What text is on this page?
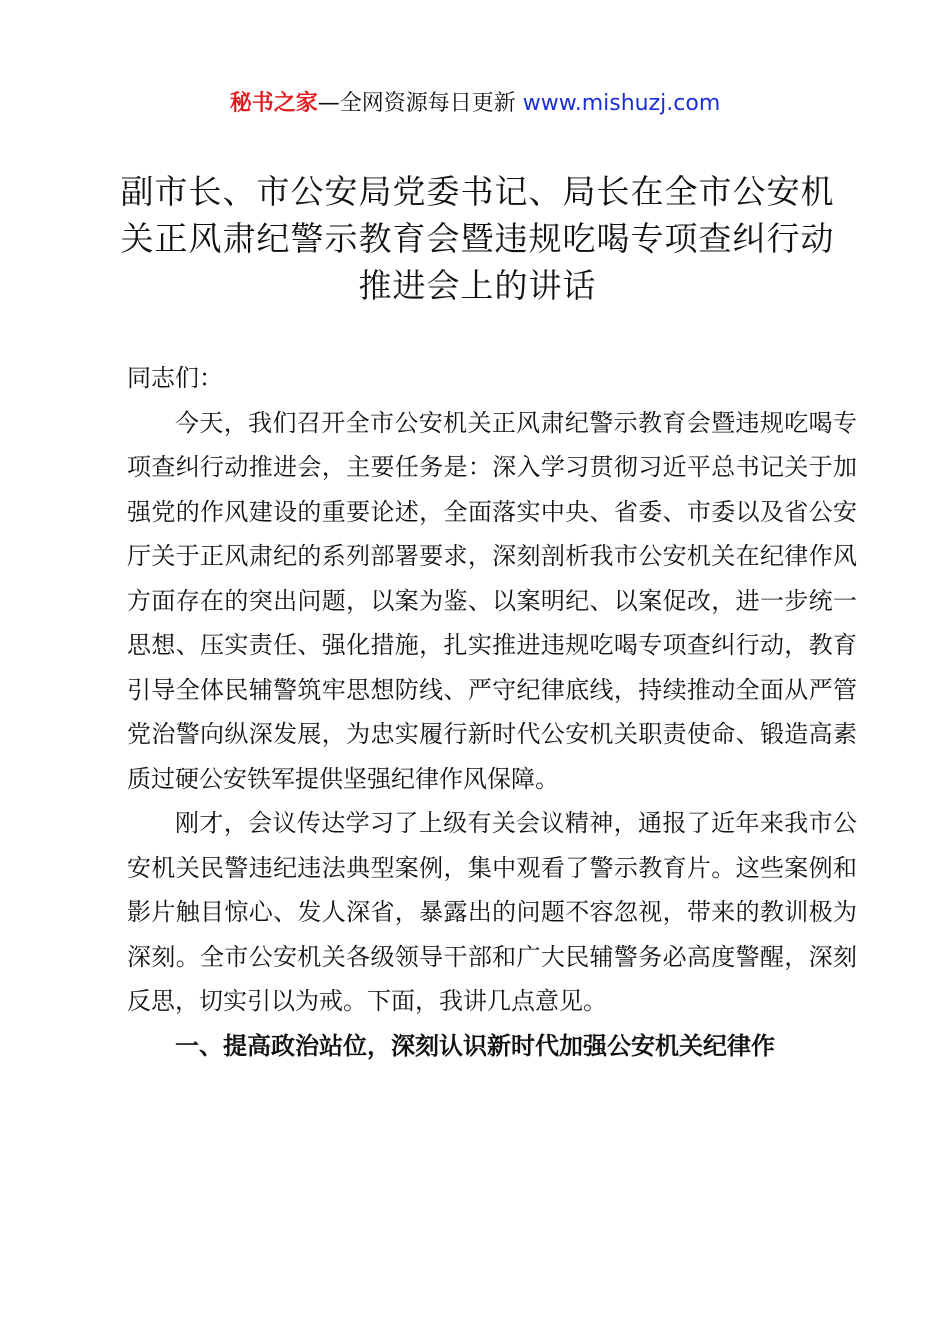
秘书之家—全网资源每日更新 www.mishuzj.com
副市长、市公安局党委书记、局长在全市公安机关正风肃纪警示教育会暨违规吃喝专项查纠行动推进会上的讲话

同志们：

今天，我们召开全市公安机关正风肃纪警示教育会暨违规吃喝专项查纠行动推进会，主要任务是：深入学习贯彻习近平总书记关于加强党的作风建设的重要论述，全面落实中央、省委、市委以及省公安厅关于正风肃纪的系列部署要求，深刻剖析我市公安机关在纪律作风方面存在的突出问题，以案为鉴、以案明纪、以案促改，进一步统一思想、压实责任、强化措施，扎实推进违规吃喝专项查纠行动，教育引导全体民辅警筑牢思想防线、严守纪律底线，持续推动全面从严管党治警向纵深发展，为忠实履行新时代公安机关职责使命、锻造高素质过硬公安铁军提供坚强纪律作风保障。

刚才，会议传达学习了上级有关会议精神，通报了近年来我市公安机关民警违纪违法典型案例，集中观看了警示教育片。这些案例和影片触目惊心、发人深省，暴露出的问题不容忽视，带来的教训极为深刻。全市公安机关各级领导干部和广大民辅警务必高度警醒，深刻反思，切实引以为戒。下面，我讲几点意见。

一、提高政治站位，深刻认识新时代加强公安机关纪律作
